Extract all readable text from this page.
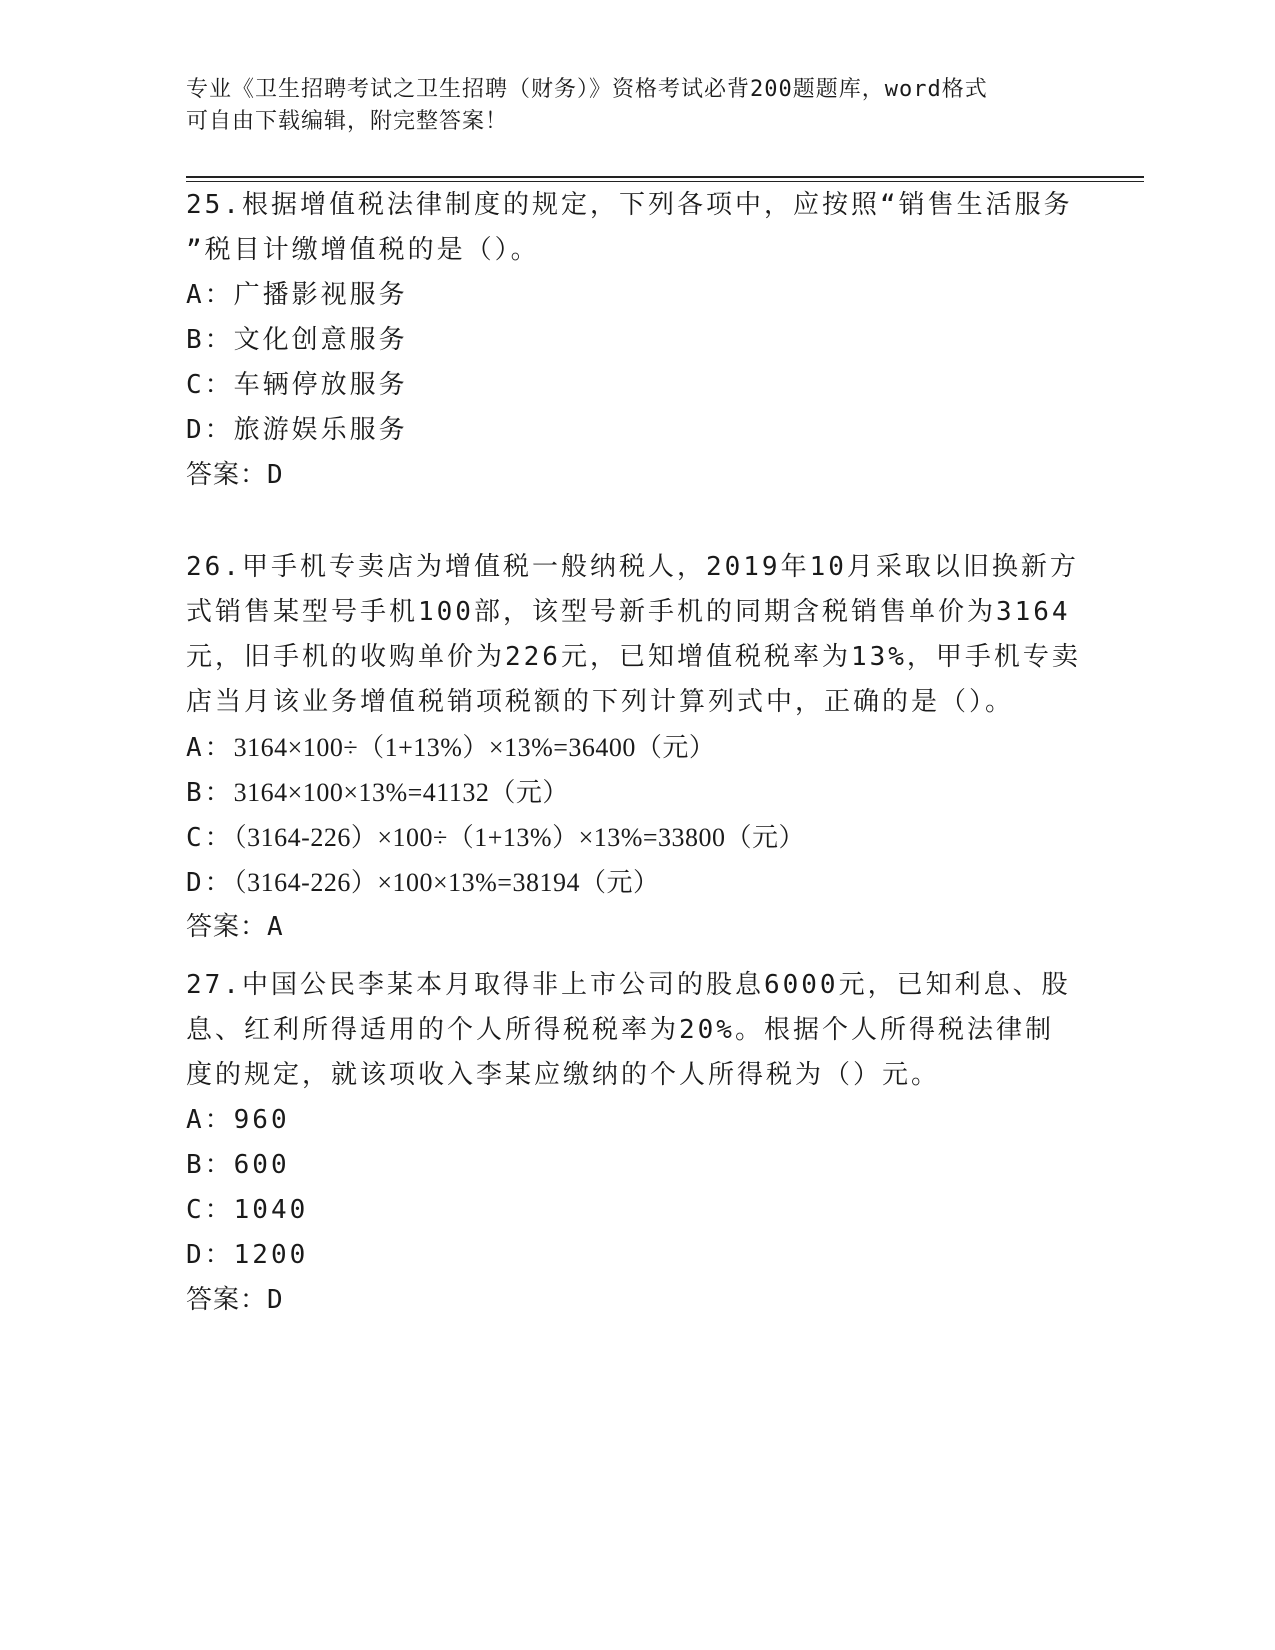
专业《卫生招聘考试之卫生招聘（财务）》资格考试必背200题题库，word格式
可自由下载编辑，附完整答案！
25.根据增值税法律制度的规定，下列各项中，应按照“销售生活服务
”税目计缴增值税的是（）。
A：广播影视服务
B：文化创意服务
C：车辆停放服务
D：旅游娱乐服务
答案：D
26.甲手机专卖店为增值税一般纳税人，2019年10月采取以旧换新方
式销售某型号手机100部，该型号新手机的同期含税销售单价为3164
元，旧手机的收购单价为226元，已知增值税税率为13%，甲手机专卖
店当月该业务增值税销项税额的下列计算列式中，正确的是（）。
A：3164×100÷（1+13%）×13%=36400（元）
B：3164×100×13%=41132（元）
C：（3164-226）×100÷（1+13%）×13%=33800（元）
D：（3164-226）×100×13%=38194（元）
答案：A
27.中国公民李某本月取得非上市公司的股息6000元，已知利息、股
息、红利所得适用的个人所得税税率为20%。根据个人所得税法律制
度的规定，就该项收入李某应缴纳的个人所得税为（）元。
A：960
B：600
C：1040
D：1200
答案：D
